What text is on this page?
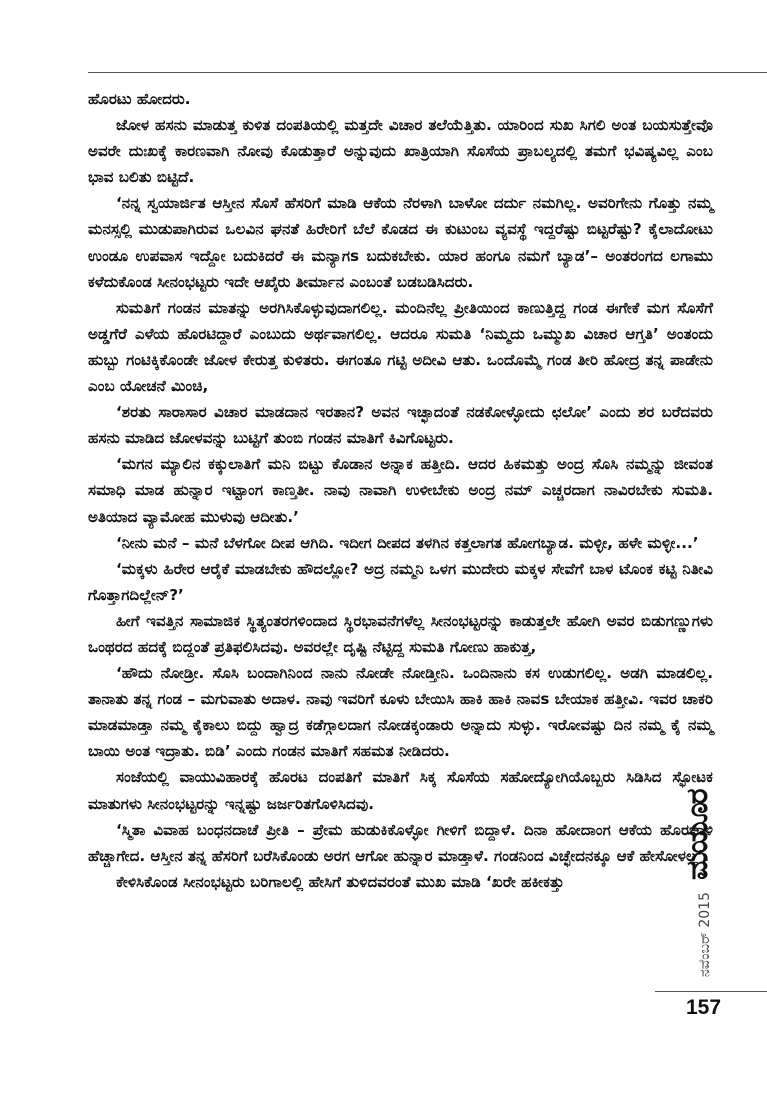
ಹೊರಟು ಹೋದರು.

ಜೋಳ ಹಸನು ಮಾಡುತ್ತ ಕುಳಿತ ದಂಪತಿಯಲ್ಲಿ ಮತ್ತದೇ ವಿಚಾರ ತಲೆಯೆತ್ತಿತು. ಯಾರಿಂದ ಸುಖ ಸಿಗಲಿ ಅಂತ ಬಯಸುತ್ತೇವೊ ಅವರೇ ದುಃಖಕ್ಕೆ ಕಾರಣವಾಗಿ ನೋವು ಕೊಡುತ್ತಾರೆ ಅನ್ನುವುದು ಖಾತ್ರಿಯಾಗಿ ಸೊಸೆಯ ಪ್ರಾಬಲ್ಯದಲ್ಲಿ ತಮಗೆ ಭವಿಷ್ಯವಿಲ್ಲ ಎಂಬ ಭಾವ ಬಲಿತು ಬಿಟ್ಟಿದೆ.

‘ನನ್ನ ಸ್ವಯಾರ್ಜಿತ ಆಸ್ತೀನ ಸೊಸೆ ಹೆಸರಿಗೆ ಮಾಡಿ ಆಕೆಯ ನೆರಳಾಗಿ ಬಾಳೋ ದರ್ದು ನಮಗಿಲ್ಲ. ಅವರಿಗೇನು ಗೊತ್ತು ನಮ್ಮ ಮನಸ್ಸಲ್ಲಿ ಮುಡುಪಾಗಿರುವ ಒಲವಿನ ಘನತೆ ಹಿರೇರಿಗೆ ಬೆಲೆ ಕೊಡದ ಈ ಕುಟುಂಬ ವ್ಯವಸ್ಥೆ ಇದ್ದರೆಷ್ಟು ಬಿಟ್ಟರೆಷ್ಟು? ಕೈಲಾದೋಟು ಉಂಡೂ ಉಪವಾಸ ಇದ್ದೋ ಬದುಕಿದರೆ ಈ ಮನ್ಯಾಗs ಬದುಕಬೇಕು. ಯಾರ ಹಂಗೂ ನಮಗೆ ಬ್ಯಾಡ’– ಅಂತರಂಗದ ಲಗಾಮು ಕಳೆದುಕೊಂಡ ಸೀನಂಭಟ್ಟರು ಇದೇ ಆಖೈರು ತೀರ್ಮಾನ ಎಂಬಂತೆ ಬಡಬಡಿಸಿದರು.

ಸುಮತಿಗೆ ಗಂಡನ ಮಾತನ್ನು ಅರಗಿಸಿಕೊಳ್ಳುವುದಾಗಲಿಲ್ಲ. ಮಂದಿನೆಲ್ಲ ಪ್ರೀತಿಯಿಂದ ಕಾಣುತ್ತಿದ್ದ ಗಂಡ ಈಗೇಕೆ ಮಗ ಸೊಸೆಗೆ ಅಡ್ಡಗೆರೆ ಎಳೆಯ ಹೊರಟಿದ್ದಾರೆ ಎಂಬುದು ಅರ್ಥವಾಗಲಿಲ್ಲ. ಆದರೂ ಸುಮತಿ ‘ನಿಮ್ಮದು ಒಮ್ಮುಖ ವಿಚಾರ ಆಗ್ತತಿ’ ಅಂತಂದು ಹುಬ್ಬು ಗಂಟಿಕ್ಕಿಕೊಂಡೇ ಜೋಳ ಕೇರುತ್ತ ಕುಳಿತರು. ಈಗಂತೂ ಗಟ್ಟಿ ಅದೀವಿ ಆತು. ಒಂದೊಮ್ಮೆ ಗಂಡ ತೀರಿ ಹೋದ್ರ ತನ್ನ ಪಾಡೇನು ಎಂಬ ಯೋಚನೆ ಮಿಂಚಿ,

‘ಶರತು ಸಾರಾಸಾರ ವಿಚಾರ ಮಾಡದಾನ ಇರತಾನ? ಅವನ ಇಚ್ಛಾದಂತೆ ನಡಕೋಳ್ಳೋದು ಛಲೋ’ ಎಂದು ಶರ ಬರೆದವರು ಹಸನು ಮಾಡಿದ ಜೋಳವನ್ನು ಬುಟ್ಟಿಗೆ ತುಂಬಿ ಗಂಡನ ಮಾತಿಗೆ ಕಿವಿಗೊಟ್ಟರು.

‘ಮಗನ ಮ್ಯಾಲಿನ ಕಕ್ಕುಲಾತಿಗೆ ಮನಿ ಬಿಟ್ಟು ಕೊಡಾನ ಅನ್ನಾಕ ಹತ್ತೀದಿ. ಆದರ ಹಿಕಮತ್ತು ಅಂದ್ರ ಸೊಸಿ ನಮ್ಮನ್ನು ಜೀವಂತ ಸಮಾಧಿ ಮಾಡ ಹುನ್ನಾರ ಇಟ್ಟಾಂಗ ಕಾಣ್ತತೀ. ನಾವು ನಾವಾಗಿ ಉಳೀಬೇಕು ಅಂದ್ರ ನಮ್ ಎಚ್ಚರದಾಗ ನಾವಿರಬೇಕು ಸುಮತಿ. ಅತಿಯಾದ ವ್ಯಾಮೋಹ ಮುಳುವು ಆದೀತು.’

‘ನೀನು ಮನೆ – ಮನೆ ಬೆಳಗೋ ದೀಪ ಆಗಿದಿ. ಇದೀಗ ದೀಪದ ತಳಗಿನ ಕತ್ತಲಾಗತ ಹೋಗಬ್ಯಾಡ. ಮಳ್ಳೀ, ಹಳೇ ಮಳ್ಳೀ...’

‘ಮಕ್ಕಳು ಹಿರೇರ ಆರೈಕೆ ಮಾಡಬೇಕು ಹೌದಲ್ಲೋ? ಅದ್ರ ನಮ್ಮನಿ ಒಳಗ ಮುದೇರು ಮಕ್ಕಳ ಸೇವೆಗೆ ಬಾಳ ಟೊಂಕ ಕಟ್ಟಿ ನಿತೀವಿ ಗೊತ್ತಾಗದಿಲ್ಲೇನ್?’

ಹೀಗೆ ಇವತ್ತಿನ ಸಾಮಾಜಿಕ ಸ್ಥಿತ್ಯಂತರಗಳಿಂದಾದ ಸ್ಥಿರಭಾವನೆಗಳೆಲ್ಲ ಸೀನಂಭಟ್ಟರನ್ನು ಕಾಡುತ್ತಲೇ ಹೋಗಿ ಅವರ ಬಿಡುಗಣ್ಣುಗಳು ಒಂಥರದ ಹದಕ್ಕೆ ಬಿದ್ದಂತೆ ಪ್ರತಿಫಲಿಸಿದವು. ಅವರಲ್ಲೇ ದೃಷ್ಟಿ ನೆಟ್ಟಿದ್ದ ಸುಮತಿ ಗೋಣು ಹಾಕುತ್ತ,

‘ಹೌದು ನೋಡ್ರೀ. ಸೊಸಿ ಬಂದಾಗಿನಿಂದ ನಾನು ನೋಡೇ ನೋಡ್ತೀನಿ. ಒಂದಿನಾನು ಕಸ ಉಡುಗಲಿಲ್ಲ. ಅಡಗಿ ಮಾಡಲಿಲ್ಲ. ತಾನಾತು ತನ್ನ ಗಂಡ – ಮಗುವಾತು ಅದಾಳ. ನಾವು ಇವರಿಗೆ ಕೂಳು ಬೇಯಿಸಿ ಹಾಕಿ ಹಾಕಿ ನಾವs ಬೇಯಾಕ ಹತ್ತೀವಿ. ಇವರ ಚಾಕರಿ ಮಾಡಮಾಡ್ತಾ ನಮ್ಮ ಕೈಕಾಲು ಬಿದ್ದು ಹ್ವಾದ್ರ ಕಡೆಗ್ಗಾಲದಾಗ ನೋಡಕ್ಕಂಡಾರು ಅನ್ನಾದು ಸುಳ್ಳು. ಇರೋವಷ್ಟು ದಿನ ನಮ್ಮ ಕೈ ನಮ್ಮ ಬಾಯಿ ಅಂತ ಇದ್ರಾತು. ಬಿಡಿ’ ಎಂದು ಗಂಡನ ಮಾತಿಗೆ ಸಹಮತ ನೀಡಿದರು.

ಸಂಜೆಯಲ್ಲಿ ವಾಯುವಿಹಾರಕ್ಕೆ ಹೊರಟ ದಂಪತಿಗೆ ಮಾತಿಗೆ ಸಿಕ್ಕ ಸೊಸೆಯ ಸಹೋದ್ಯೋಗಿಯೊಬ್ಬರು ಸಿಡಿಸಿದ ಸ್ಫೋಟಕ ಮಾತುಗಳು ಸೀನಂಭಟ್ಟರನ್ನು ಇನ್ನಷ್ಟು ಜರ್ಜರಿತಗೊಳಿಸಿದವು.

‘ಸ್ಮಿತಾ ವಿವಾಹ ಬಂಧನದಾಚೆ ಪ್ರೀತಿ – ಪ್ರೇಮ ಹುಡುಕಿಕೊಳ್ಳೋ ಗೀಳಿಗೆ ಬಿದ್ದಾಳೆ. ದಿನಾ ಹೋದಾಂಗ ಆಕೆಯ ಹೊರಚಾಳಿ ಹೆಚ್ಚಾಗೇದ. ಆಸ್ತೀನ ತನ್ನ ಹೆಸರಿಗೆ ಬರೆಸಿಕೊಂಡು ಅರಗ ಆಗೋ ಹುನ್ನಾರ ಮಾಡ್ತಾಳೆ. ಗಂಡನಿಂದ ವಿಚ್ಛೇದನಕ್ಕೂ ಆಕೆ ಹೇಸೋಳಲ್ಲ’.

ಕೇಳಿಸಿಕೊಂಡ ಸೀನಂಭಟ್ಟರು ಬರಿಗಾಲಲ್ಲಿ ಹೇಸಿಗೆ ತುಳಿದವರಂತೆ ಮುಖ ಮಾಡಿ ‘ಖರೇ ಹಕೀಕತ್ತು

ಮಯೂರ
ನವೆಂಬರ್ 2015
157
